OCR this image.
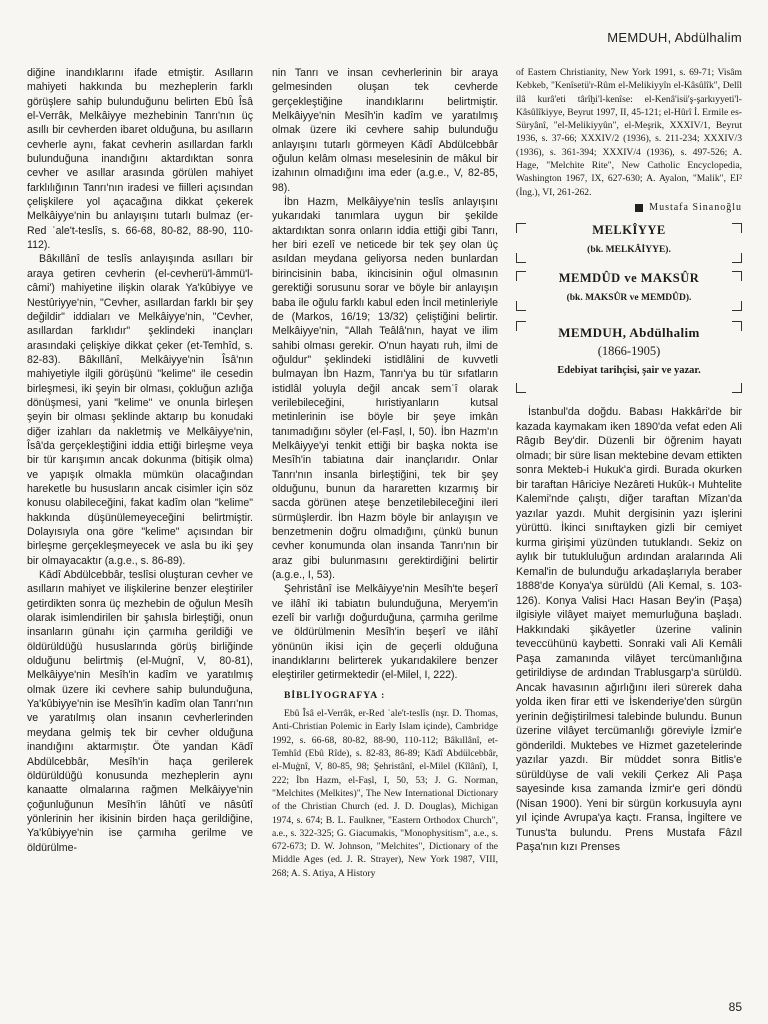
MEMDUH, Abdülhalim

diğine inandıklarını ifade etmiştir. Asılların mahiyeti hakkında bu mezheplerin farklı görüşlere sahip bulunduğunu belirten Ebû Îsâ el-Verrâk, Melkâiyye mezhebinin Tanrı'nın üç asıllı bir cevherden ibaret olduğuna, bu asılların cevherle aynı, fakat cevherin asıllardan farklı bulunduğuna inandığını aktardıktan sonra cevher ve asıllar arasında görülen mahiyet farklılığının Tanrı'nın iradesi ve fiilleri açısından çelişkilere yol açacağına dikkat çekerek Melkâiyye'nin bu anlayışını tutarlı bulmaz (er-Red ʿale't-teslîs, s. 66-68, 80-82, 88-90, 110-112).

Bâkıllânî de teslîs anlayışında asılları bir araya getiren cevherin (el-cevherü'l-âmmü'l-câmi') mahiyetine ilişkin olarak Ya'kûbiyye ve Nestûriyye'nin, "Cevher, asıllardan farklı bir şey değildir" iddiaları ve Melkâiyye'nin, "Cevher, asıllardan farklıdır" şeklindeki inançları arasındaki çelişkiye dikkat çeker (et-Temhîd, s. 82-83). Bâkıllânî, Melkâiyye'nin Îsâ'nın mahiyetiyle ilgili görüşünü "kelime" ile cesedin birleşmesi, iki şeyin bir olması, çokluğun azlığa dönüşmesi, yani "kelime" ve onunla birleşen şeyin bir olması şeklinde aktarıp bu konudaki diğer izahları da nakletmiş ve Melkâiyye'nin, Îsâ'da gerçekleştiğini iddia ettiği birleşme veya bir tür karışımın ancak dokunma (bitişik olma) ve yapışık olmakla mümkün olacağından hareketle bu hususların ancak cisimler için söz konusu olabileceğini, fakat kadîm olan "kelime" hakkında düşünülemeyeceğini belirtmiştir. Dolayısıyla ona göre "kelime" açısından bir birleşme gerçekleşmeyecek ve asla bu iki şey bir olmayacaktır (a.g.e., s. 86-89).

Kādî Abdülcebbâr, teslîsi oluşturan cevher ve asılların mahiyet ve ilişkilerine benzer eleştiriler getirdikten sonra üç mezhebin de oğulun Mesîh olarak isimlendirilen bir şahısla birleştiği, onun insanların günahı için çarmıha gerildiği ve öldürüldüğü hususlarında görüş birliğinde olduğunu belirtmiş (el-Muġnî, V, 80-81), Melkâiyye'nin Mesîh'in kadîm ve yaratılmış olmak üzere iki cevhere sahip bulunduğuna, Ya'kûbiyye'nin ise Mesîh'in kadîm olan Tanrı'nın ve yaratılmış olan insanın cevherlerinden meydana gelmiş tek bir cevher olduğuna inandığını aktarmıştır. Öte yandan Kādî Abdülcebbâr, Mesîh'in haça gerilerek öldürüldüğü konusunda mezheplerin aynı kanaatte olmalarına rağmen Melkâiyye'nin çoğunluğunun Mesîh'in lâhûtî ve nâsûtî yönlerinin her ikisinin birden haça gerildiğine, Ya'kûbiyye'nin ise çarmıha gerilme ve öldürülme-

nin Tanrı ve insan cevherlerinin bir araya gelmesinden oluşan tek cevherde gerçekleştiğine inandıklarını belirtmiştir. Melkâiyye'nin Mesîh'in kadîm ve yaratılmış olmak üzere iki cevhere sahip bulunduğu anlayışını tutarlı görmeyen Kādî Abdülcebbâr oğulun kelâm olması meselesinin de mâkul bir izahının olmadığını ima eder (a.g.e., V, 82-85, 98).

İbn Hazm, Melkâiyye'nin teslîs anlayışını yukarıdaki tanımlara uygun bir şekilde aktardıktan sonra onların iddia ettiği gibi Tanrı, her biri ezelî ve neticede bir tek şey olan üç asıldan meydana geliyorsa neden bunlardan birincisinin baba, ikincisinin oğul olmasının gerektiği sorusunu sorar ve böyle bir anlayışın baba ile oğulu farklı kabul eden İncil metinleriyle de (Markos, 16/19; 13/32) çeliştiğini belirtir. Melkâiyye'nin, "Allah Teâlâ'nın, hayat ve ilim sahibi olması gerekir. O'nun hayatı ruh, ilmi de oğuldur" şeklindeki istidlâlini de kuvvetli bulmayan İbn Hazm, Tanrı'ya bu tür sıfatların istidlâl yoluyla değil ancak semʿî olarak verilebileceğini, hıristiyanların kutsal metinlerinin ise böyle bir şeye imkân tanımadığını söyler (el-Faṣl, I, 50). İbn Hazm'ın Melkâiyye'yi tenkit ettiği bir başka nokta ise Mesîh'in tabiatına dair inançlarıdır. Onlar Tanrı'nın insanla birleştiğini, tek bir şey olduğunu, bunun da hararetten kızarmış bir sacda görünen ateşe benzetilebileceğini ileri sürmüşlerdir. İbn Hazm böyle bir anlayışın ve benzetmenin doğru olmadığını, çünkü bunun cevher konumunda olan insanda Tanrı'nın bir araz gibi bulunmasını gerektirdiğini belirtir (a.g.e., I, 53).

Şehristânî ise Melkâiyye'nin Mesîh'te beşerî ve ilâhî iki tabiatın bulunduğuna, Meryem'in ezelî bir varlığı doğurduğuna, çarmıha gerilme ve öldürülmenin Mesîh'in beşerî ve ilâhî yönünün ikisi için de geçerli olduğuna inandıklarını belirterek yukarıdakilere benzer eleştiriler getirmektedir (el-Milel, I, 222).

BİBLİYOGRAFYA :

Ebû Îsâ el-Verrâk, er-Red ʿale't-teslîs (nşr. D. Thomas, Anti-Christian Polemic in Early Islam içinde), Cambridge 1992, s. 66-68, 80-82, 88-90, 110-112; Bâkıllânî, et-Temhîd (Ebû Rîde), s. 82-83, 86-89; Kādî Abdülcebbâr, el-Muġnî, V, 80-85, 98; Şehristânî, el-Milel (Kîlânî), I, 222; İbn Hazm, el-Faṣl, I, 50, 53; J. G. Norman, "Melchites (Melkites)", The New International Dictionary of the Christian Church (ed. J. D. Douglas), Michigan 1974, s. 674; B. L. Faulkner, "Eastern Orthodox Church", a.e., s. 322-325; G. Giacumakis, "Monophysitism", a.e., s. 672-673; D. W. Johnson, "Melchites", Dictionary of the Middle Ages (ed. J. R. Strayer), New York 1987, VIII, 268; A. S. Atiya, A History

of Eastern Christianity, New York 1991, s. 69-71; Visâm Kebkeb, "Kenîsetü'r-Rûm el-Melikiyyîn el-Kâsûlîk", Delîl ilâ kurâ'eti târîḫi'l-kenîse: el-Kenâ'isü'ş-şarkıyyeti'l-Kâsûlîkiyye, Beyrut 1997, II, 45-121; el-Hûrî İ. Ermile es-Süryânî, "el-Melikiyyûn", el-Meşrik, XXXIV/1, Beyrut 1936, s. 37-66; XXXIV/2 (1936), s. 211-234; XXXIV/3 (1936), s. 361-394; XXXIV/4 (1936), s. 497-526; A. Hage, "Melchite Rite", New Catholic Encyclopedia, Washington 1967, IX, 627-630; A. Ayalon, "Malik", EI² (İng.), VI, 261-262.

Mustafa Sinanoğlu
MELKÎYYE
(bk. MELKÂİYYE).
MEMDÛD ve MAKSÛR
(bk. MAKSÛR ve MEMDÛD).
MEMDUH, Abdülhalim
(1866-1905)
Edebiyat tarihçisi, şair ve yazar.

İstanbul'da doğdu. Babası Hakkâri'de bir kazada kaymakam iken 1890'da vefat eden Ali Râgıb Bey'dir. Düzenli bir öğrenim hayatı olmadı; bir süre lisan mektebine devam ettikten sonra Mekteb-i Hukuk'a girdi. Burada okurken bir taraftan Hâriciye Nezâreti Hukûk-ı Muhtelite Kalemi'nde çalıştı, diğer taraftan Mîzan'da yazılar yazdı. Muhit dergisinin yazı işlerini yürüttü. İkinci sınıftayken gizli bir cemiyet kurma girişimi yüzünden tutuklandı. Sekiz on aylık bir tutukluluğun ardından aralarında Ali Kemal'in de bulunduğu arkadaşlarıyla beraber 1888'de Konya'ya sürüldü (Ali Kemal, s. 103-126). Konya Valisi Hacı Hasan Bey'in (Paşa) ilgisiyle vilâyet maiyet memurluğuna başladı. Hakkındaki şikâyetler üzerine valinin teveccühünü kaybetti. Sonraki vali Ali Kemâli Paşa zamanında vilâyet tercümanlığına getirildiyse de ardından Trablusgarp'a sürüldü. Ancak havasının ağırlığını ileri sürerek daha yolda iken firar etti ve İskenderiye'den sürgün yerinin değiştirilmesi talebinde bulundu. Bunun üzerine vilâyet tercümanlığı göreviyle İzmir'e gönderildi. Muktebes ve Hizmet gazetelerinde yazılar yazdı. Bir müddet sonra Bitlis'e sürüldüyse de vali vekili Çerkez Ali Paşa sayesinde kısa zamanda İzmir'e geri döndü (Nisan 1900). Yeni bir sürgün korkusuyla aynı yıl içinde Avrupa'ya kaçtı. Fransa, İngiltere ve Tunus'ta bulundu. Prens Mustafa Fâzıl Paşa'nın kızı Prenses

85
